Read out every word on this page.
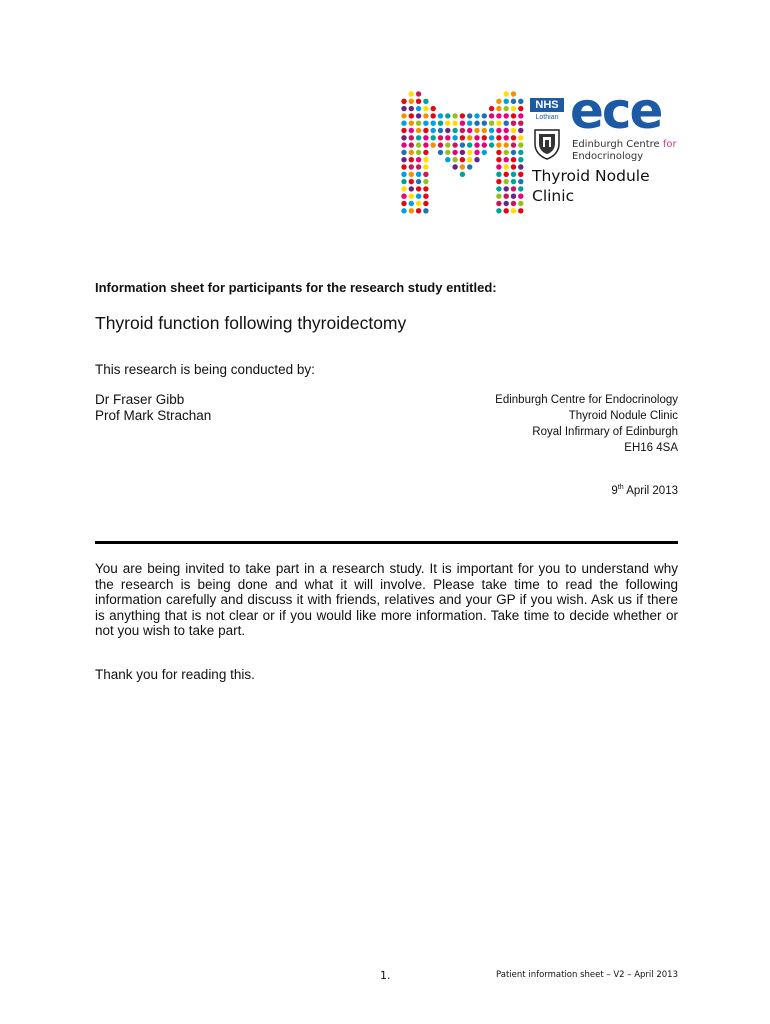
NHS
Lothian ece
Edinburgh Centre for
Endocrinology
Thyroid Nodule
Clinic
Information sheet for participants for the research study entitled:
Thyroid function following thyroidectomy
This research is being conducted by:
Dr Fraser Gibb
Prof Mark Strachan
Edinburgh Centre for Endocrinology
Thyroid Nodule Clinic
Royal Infirmary of Edinburgh
EH16 4SA
9th April 2013
You are being invited to take part in a research study. It is important for you to understand why the research is being done and what it will involve. Please take time to read the following information carefully and discuss it with friends, relatives and your GP if you wish. Ask us if there is anything that is not clear or if you would like more information. Take time to decide whether or not you wish to take part.
Thank you for reading this.
1.	Patient information sheet – V2 – April 2013
